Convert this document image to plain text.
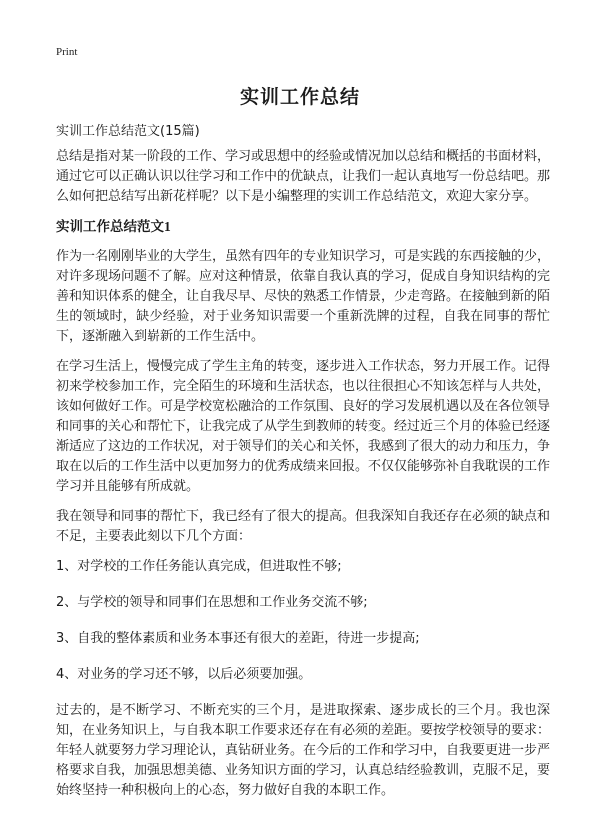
Print
实训工作总结
实训工作总结范文(15篇)

总结是指对某一阶段的工作、学习或思想中的经验或情况加以总结和概括的书面材料，通过它可以正确认识以往学习和工作中的优缺点，让我们一起认真地写一份总结吧。那么如何把总结写出新花样呢？以下是小编整理的实训工作总结范文，欢迎大家分享。

实训工作总结范文1

作为一名刚刚毕业的大学生，虽然有四年的专业知识学习，可是实践的东西接触的少，对许多现场问题不了解。应对这种情景，依靠自我认真的学习，促成自身知识结构的完善和知识体系的健全，让自我尽早、尽快的熟悉工作情景，少走弯路。在接触到新的陌生的领域时，缺少经验，对于业务知识需要一个重新洗牌的过程，自我在同事的帮忙下，逐渐融入到崭新的工作生活中。

在学习生活上，慢慢完成了学生主角的转变，逐步进入工作状态，努力开展工作。记得初来学校参加工作，完全陌生的环境和生活状态，也以往很担心不知该怎样与人共处，该如何做好工作。可是学校宽松融洽的工作氛围、良好的学习发展机遇以及在各位领导和同事的关心和帮忙下，让我完成了从学生到教师的转变。经过近三个月的体验已经逐渐适应了这边的工作状况，对于领导们的关心和关怀，我感到了很大的动力和压力，争取在以后的工作生活中以更加努力的优秀成绩来回报。不仅仅能够弥补自我耽误的工作学习并且能够有所成就。

我在领导和同事的帮忙下，我已经有了很大的提高。但我深知自我还存在必须的缺点和不足，主要表此刻以下几个方面：

1、对学校的工作任务能认真完成，但进取性不够;

2、与学校的领导和同事们在思想和工作业务交流不够;

3、自我的整体素质和业务本事还有很大的差距，待进一步提高;

4、对业务的学习还不够，以后必须要加强。

过去的，是不断学习、不断充实的三个月，是进取探索、逐步成长的三个月。我也深知，在业务知识上，与自我本职工作要求还存在有必须的差距。要按学校领导的要求：年轻人就要努力学习理论认，真钻研业务。在今后的工作和学习中，自我要更进一步严格要求自我，加强思想美德、业务知识方面的学习，认真总结经验教训，克服不足，要始终坚持一种积极向上的心态，努力做好自我的本职工作。
